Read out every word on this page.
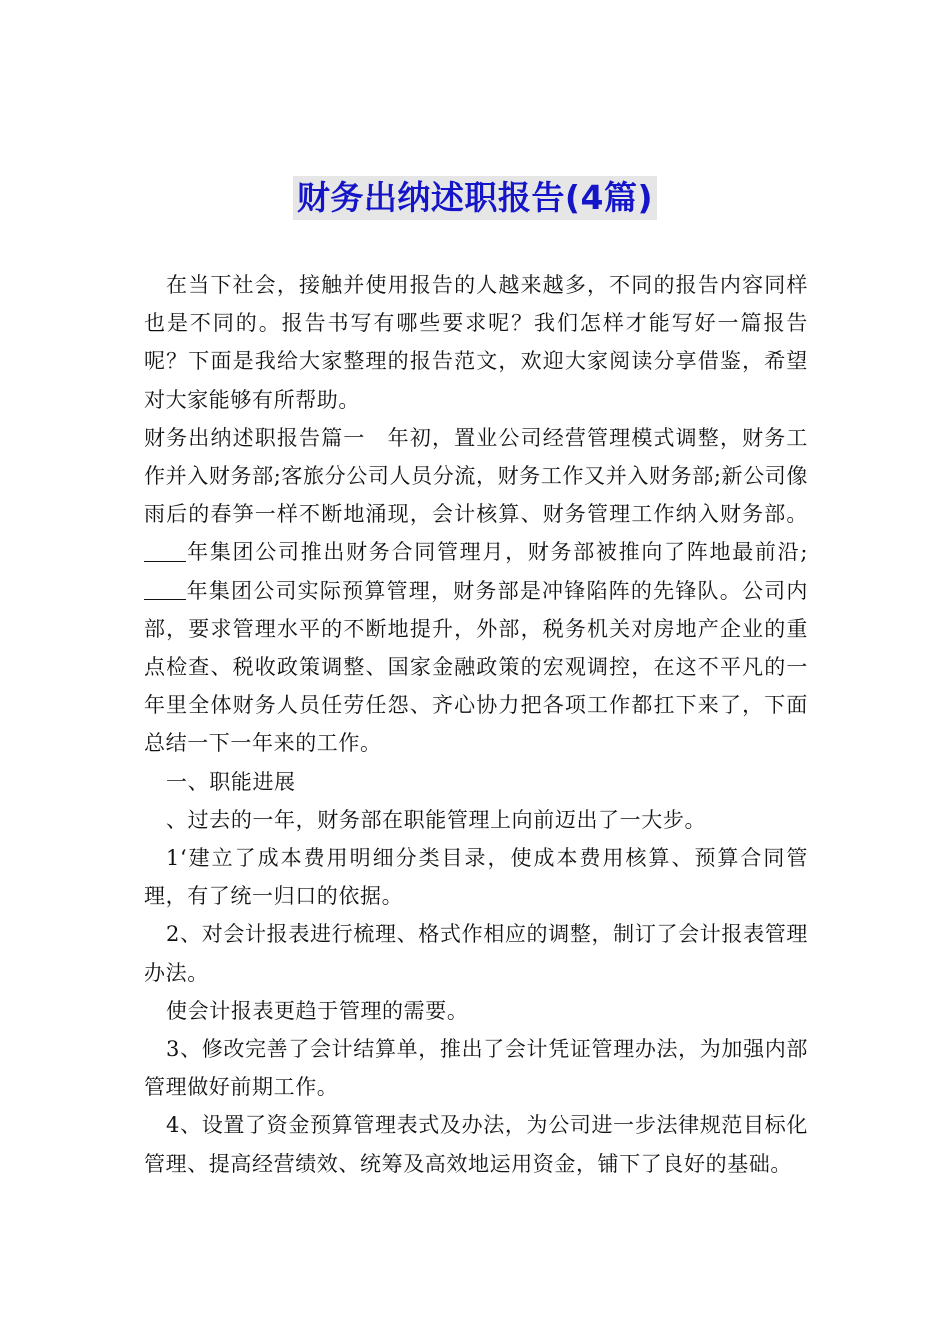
财务出纳述职报告(4篇)

在当下社会，接触并使用报告的人越来越多，不同的报告内容同样也是不同的。报告书写有哪些要求呢？我们怎样才能写好一篇报告呢？下面是我给大家整理的报告范文，欢迎大家阅读分享借鉴，希望对大家能够有所帮助。

财务出纳述职报告篇一　年初，置业公司经营管理模式调整，财务工作并入财务部;客旅分公司人员分流，财务工作又并入财务部;新公司像雨后的春笋一样不断地涌现，会计核算、财务管理工作纳入财务部。年集团公司推出财务合同管理月，财务部被推向了阵地最前沿;年集团公司实际预算管理，财务部是冲锋陷阵的先锋队。公司内部，要求管理水平的不断地提升，外部，税务机关对房地产企业的重点检查、税收政策调整、国家金融政策的宏观调控，在这不平凡的一年里全体财务人员任劳任怨、齐心协力把各项工作都扛下来了，下面总结一下一年来的工作。

一、职能进展

、过去的一年，财务部在职能管理上向前迈出了一大步。

1‘建立了成本费用明细分类目录，使成本费用核算、预算合同管理，有了统一归口的依据。

2、对会计报表进行梳理、格式作相应的调整，制订了会计报表管理办法。

使会计报表更趋于管理的需要。

3、修改完善了会计结算单，推出了会计凭证管理办法，为加强内部管理做好前期工作。

4、设置了资金预算管理表式及办法，为公司进一步法律规范目标化管理、提高经营绩效、统筹及高效地运用资金，铺下了良好的基础。
